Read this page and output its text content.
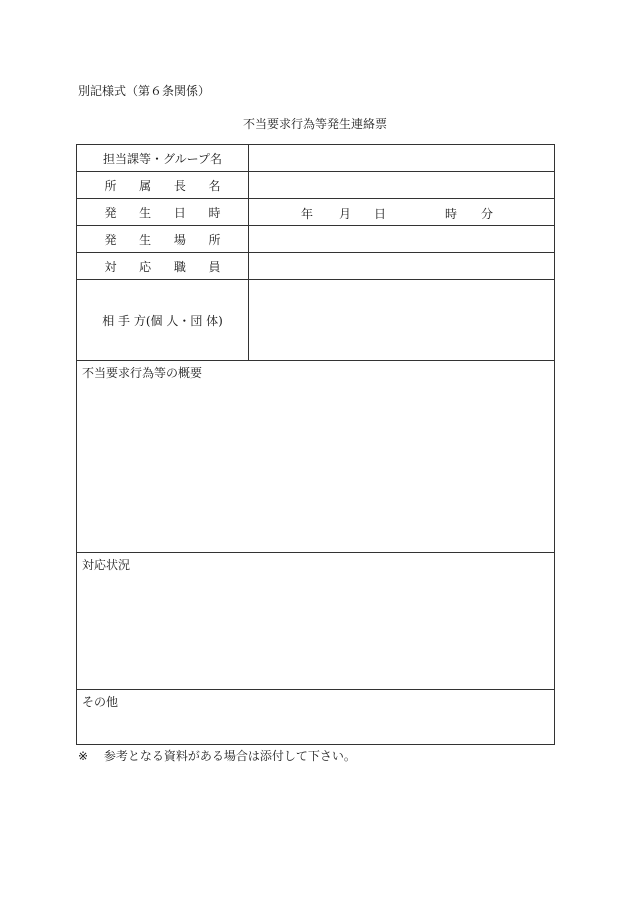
別記様式（第６条関係）
不当要求行為等発生連絡票
担当課等・グループ名	
所　属　長　名	
発　生　日　時	年 月 日 時 分

発　生　場　所	
対　応　職　員	
相 手 方(個 人・団 体)	

不当要求行為等の概要	

対応状況	

その他	
※ 参考となる資料がある場合は添付して下さい。
